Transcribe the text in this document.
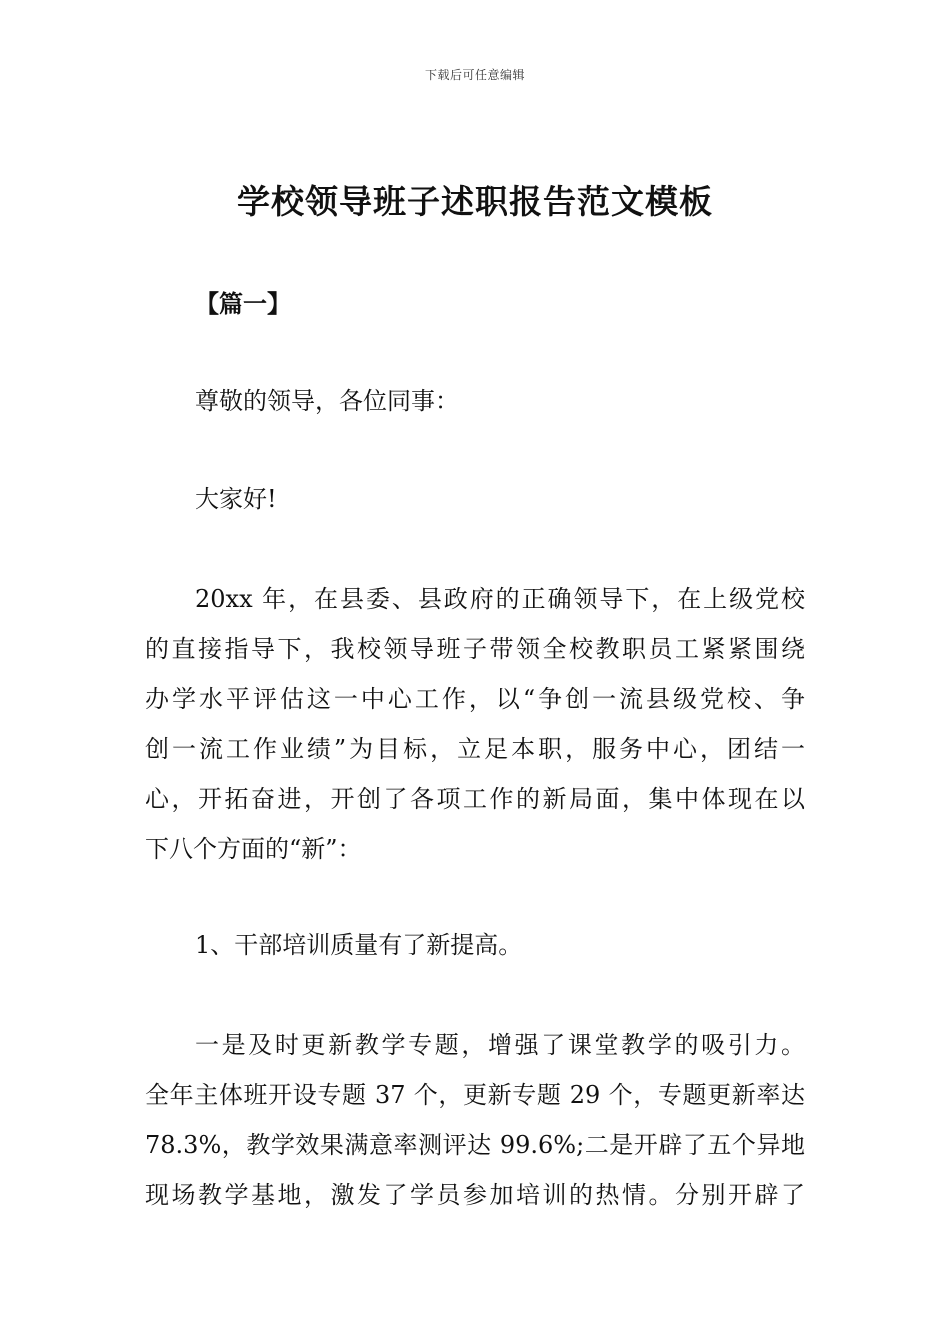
下载后可任意编辑
学校领导班子述职报告范文模板
【篇一】
尊敬的领导，各位同事：
大家好!
20xx 年，在县委、县政府的正确领导下，在上级党校
的直接指导下，我校领导班子带领全校教职员工紧紧围绕
办学水平评估这一中心工作，以“争创一流县级党校、争
创一流工作业绩”为目标，立足本职，服务中心，团结一
心，开拓奋进，开创了各项工作的新局面，集中体现在以
下八个方面的“新”：
1、干部培训质量有了新提高。
一是及时更新教学专题，增强了课堂教学的吸引力。
全年主体班开设专题 37 个，更新专题 29 个，专题更新率达
78.3%，教学效果满意率测评达 99.6%;二是开辟了五个异地
现场教学基地，激发了学员参加培训的热情。分别开辟了
